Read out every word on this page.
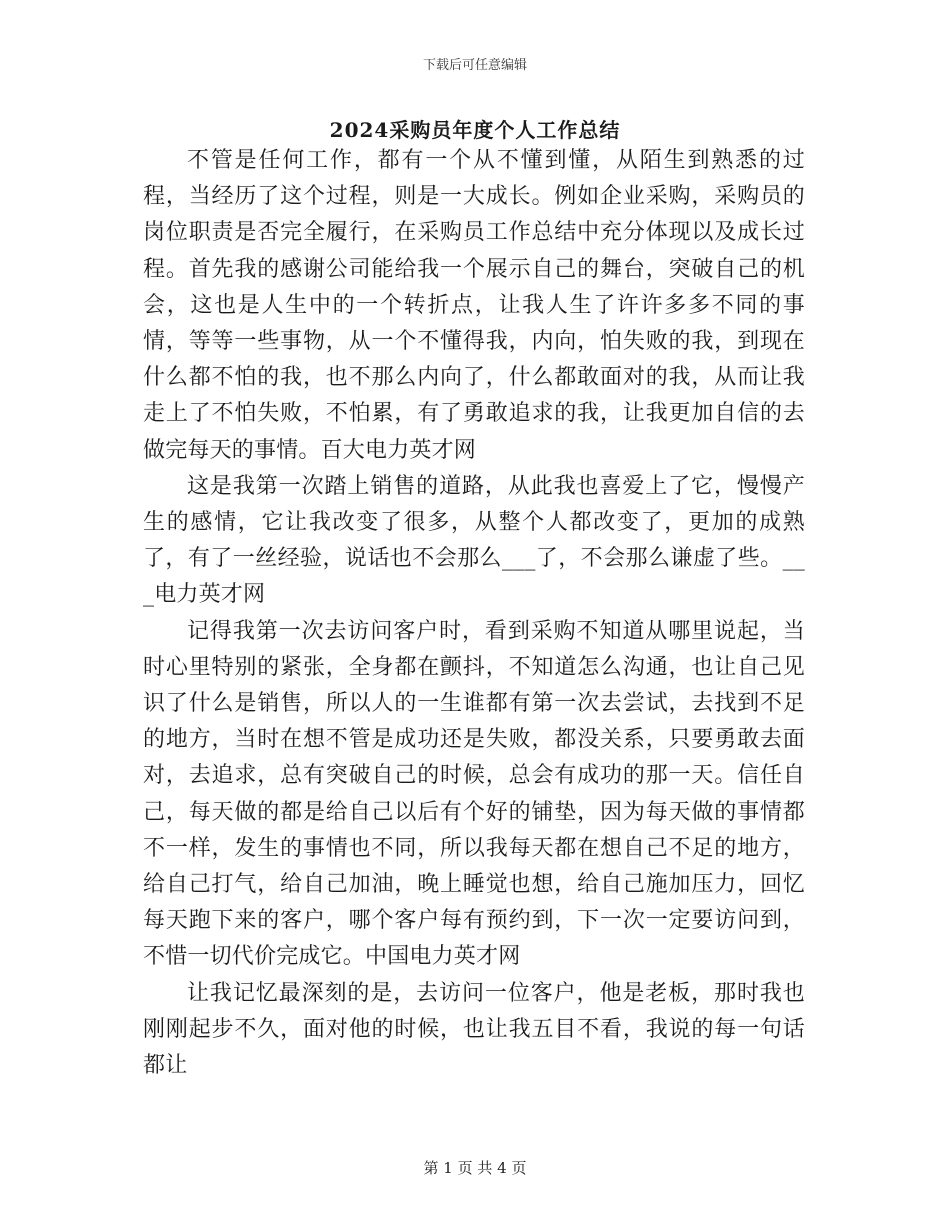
下载后可任意编辑
2024采购员年度个人工作总结

不管是任何工作，都有一个从不懂到懂，从陌生到熟悉的过程，当经历了这个过程，则是一大成长。例如企业采购，采购员的岗位职责是否完全履行，在采购员工作总结中充分体现以及成长过程。首先我的感谢公司能给我一个展示自己的舞台，突破自己的机会，这也是人生中的一个转折点，让我人生了许许多多不同的事情，等等一些事物，从一个不懂得我，内向，怕失败的我，到现在什么都不怕的我，也不那么内向了，什么都敢面对的我，从而让我走上了不怕失败，不怕累，有了勇敢追求的我，让我更加自信的去做完每天的事情。百大电力英才网

这是我第一次踏上销售的道路，从此我也喜爱上了它，慢慢产生的感情，它让我改变了很多，从整个人都改变了，更加的成熟了，有了一丝经验，说话也不会那么___了，不会那么谦虚了些。___电力英才网

记得我第一次去访问客户时，看到采购不知道从哪里说起，当时心里特别的紧张，全身都在颤抖，不知道怎么沟通，也让自己见识了什么是销售，所以人的一生谁都有第一次去尝试，去找到不足的地方，当时在想不管是成功还是失败，都没关系，只要勇敢去面对，去追求，总有突破自己的时候，总会有成功的那一天。信任自己，每天做的都是给自己以后有个好的铺垫，因为每天做的事情都不一样，发生的事情也不同，所以我每天都在想自己不足的地方，给自己打气，给自己加油，晚上睡觉也想，给自己施加压力，回忆每天跑下来的客户，哪个客户每有预约到，下一次一定要访问到，不惜一切代价完成它。中国电力英才网

让我记忆最深刻的是，去访问一位客户，他是老板，那时我也刚刚起步不久，面对他的时候，也让我五目不看，我说的每一句话都让

第 1 页 共 4 页
